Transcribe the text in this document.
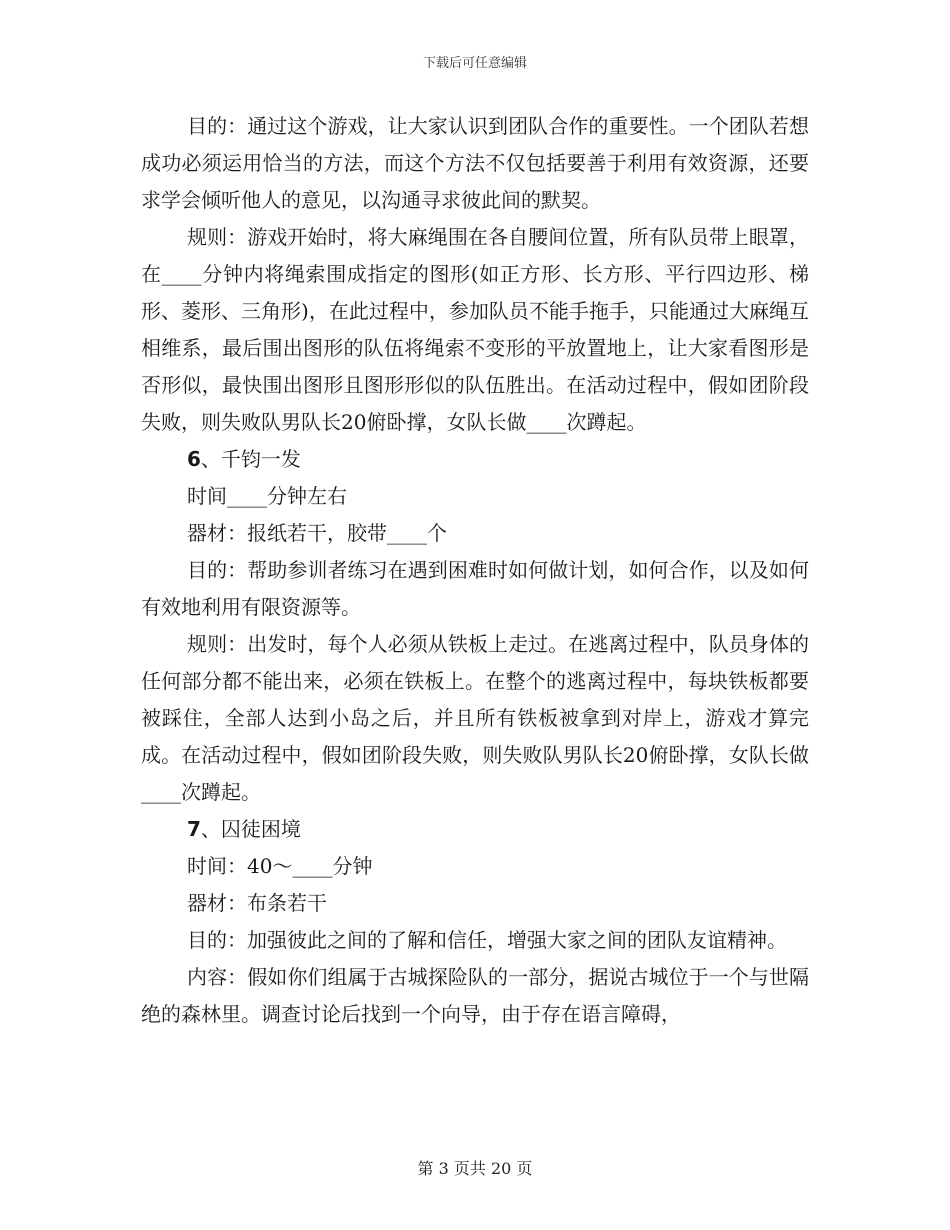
下载后可任意编辑

目的：通过这个游戏，让大家认识到团队合作的重要性。一个团队若想成功必须运用恰当的方法，而这个方法不仅包括要善于利用有效资源，还要求学会倾听他人的意见，以沟通寻求彼此间的默契。

规则：游戏开始时，将大麻绳围在各自腰间位置，所有队员带上眼罩，在____分钟内将绳索围成指定的图形(如正方形、长方形、平行四边形、梯形、菱形、三角形)，在此过程中，参加队员不能手拖手，只能通过大麻绳互相维系，最后围出图形的队伍将绳索不变形的平放置地上，让大家看图形是否形似，最快围出图形且图形形似的队伍胜出。在活动过程中，假如团阶段失败，则失败队男队长20俯卧撑，女队长做____次蹲起。

6、千钧一发

时间____分钟左右

器材：报纸若干，胶带____个

目的：帮助参训者练习在遇到困难时如何做计划，如何合作，以及如何有效地利用有限资源等。

规则：出发时，每个人必须从铁板上走过。在逃离过程中，队员身体的任何部分都不能出来，必须在铁板上。在整个的逃离过程中，每块铁板都要被踩住，全部人达到小岛之后，并且所有铁板被拿到对岸上，游戏才算完成。在活动过程中，假如团阶段失败，则失败队男队长20俯卧撑，女队长做____次蹲起。

7、囚徒困境

时间：40～____分钟

器材：布条若干

目的：加强彼此之间的了解和信任，增强大家之间的团队友谊精神。

内容：假如你们组属于古城探险队的一部分，据说古城位于一个与世隔绝的森林里。调查讨论后找到一个向导，由于存在语言障碍，

第 3 页共 20 页
